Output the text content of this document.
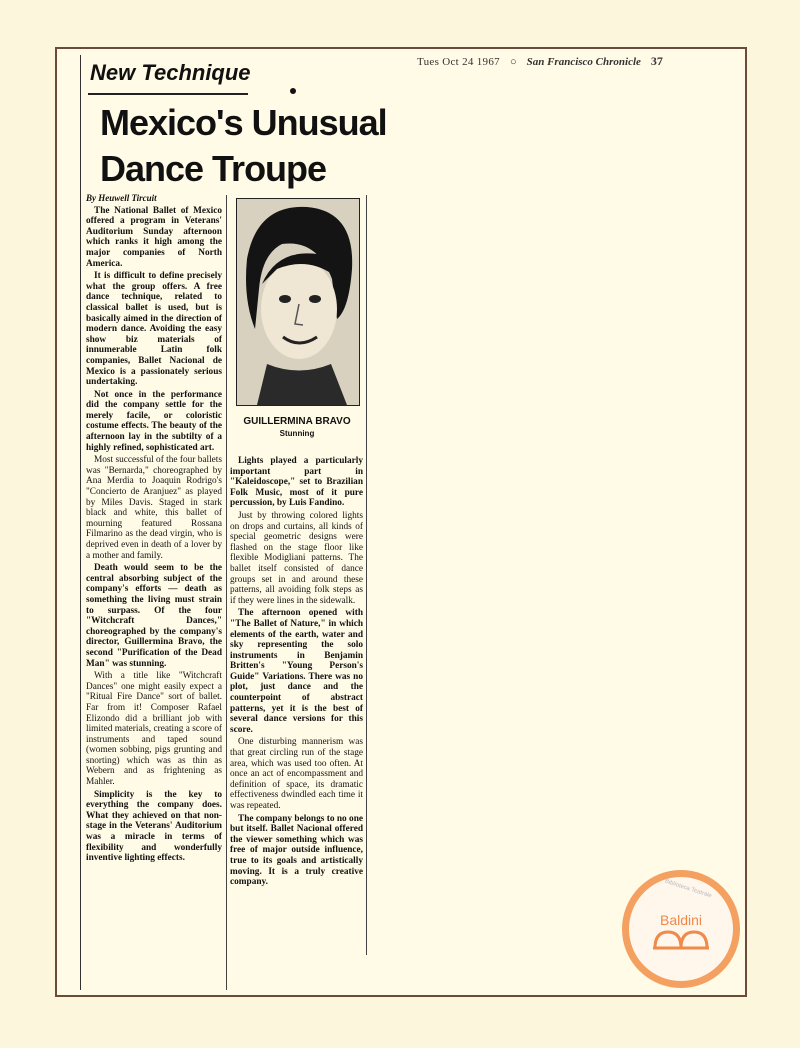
Tues Oct 24 1967 ○ San Francisco Chronicle 37
New Technique
Mexico's Unusual
Dance Troupe

By Heuwell Tircuit

The National Ballet of Mexico offered a program in Veterans' Auditorium Sunday afternoon which ranks it high among the major companies of North America.

It is difficult to define precisely what the group offers. A free dance technique, related to classical ballet is used, but is basically aimed in the direction of modern dance. Avoiding the easy show biz materials of innumerable Latin folk companies, Ballet Nacional de Mexico is a passionately serious undertaking.

Not once in the performance did the company settle for the merely facile, or coloristic costume effects. The beauty of the afternoon lay in the subtilty of a highly refined, sophisticated art.

Most successful of the four ballets was "Bernarda," choreographed by Ana Merdia to Joaquin Rodrigo's "Concierto de Aranjuez" as played by Miles Davis. Staged in stark black and white, this ballet of mourning featured Rossana Filmarino as the dead virgin, who is deprived even in death of a lover by a mother and family.

Death would seem to be the central absorbing subject of the company's efforts — death as something the living must strain to surpass. Of the four "Witchcraft Dances," choreographed by the company's director, Guillermina Bravo, the second "Purification of the Dead Man" was stunning.

With a title like "Witchcraft Dances" one might easily expect a "Ritual Fire Dance" sort of ballet. Far from it! Composer Rafael Elizondo did a brilliant job with limited materials, creating a score of instruments and taped sound (women sobbing, pigs grunting and snorting) which was as thin as Webern and as frightening as Mahler.

Simplicity is the key to everything the company does. What they achieved on that non-stage in the Veterans' Auditorium was a miracle in terms of flexibility and wonderfully inventive lighting effects.

GUILLERMINA BRAVO
Stunning

Lights played a particularly important part in "Kaleidoscope," set to Brazilian Folk Music, most of it pure percussion, by Luis Fandino.

Just by throwing colored lights on drops and curtains, all kinds of special geometric designs were flashed on the stage floor like flexible Modigliani patterns. The ballet itself consisted of dance groups set in and around these patterns, all avoiding folk steps as if they were lines in the sidewalk.

The afternoon opened with "The Ballet of Nature," in which elements of the earth, water and sky representing the solo instruments in Benjamin Britten's "Young Person's Guide" Variations. There was no plot, just dance and the counterpoint of abstract patterns, yet it is the best of several dance versions for this score.

One disturbing mannerism was that great circling run of the stage area, which was used too often. At once an act of encompassment and definition of space, its dramatic effectiveness dwindled each time it was repeated.

The company belongs to no one but itself. Ballet Nacional offered the viewer something which was free of major outside influence, true to its goals and artistically moving. It is a truly creative company.	Biblioteca Teatrale
Baldini
